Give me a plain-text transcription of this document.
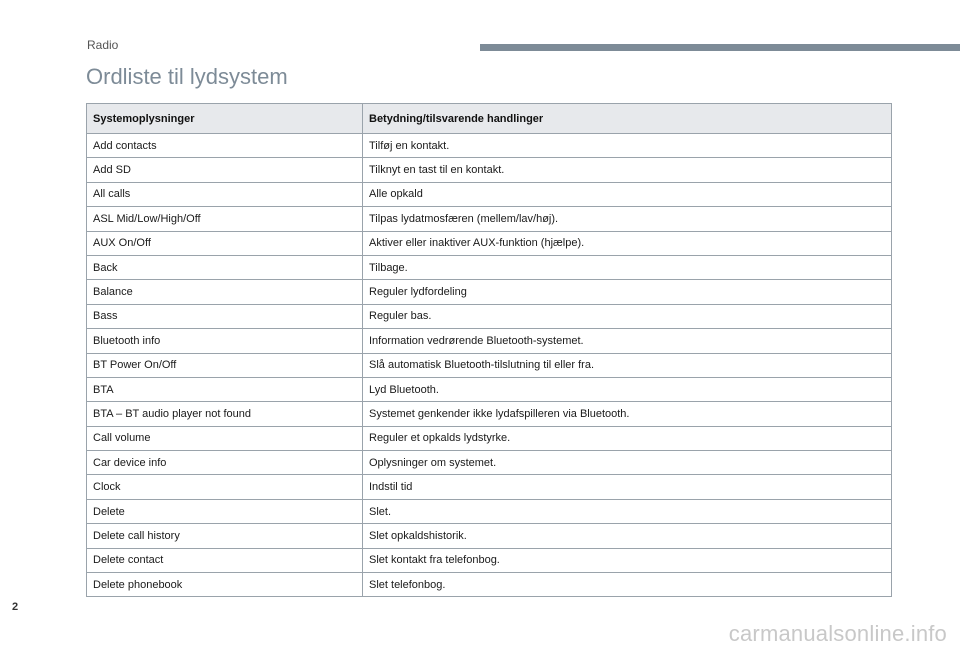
Radio
Ordliste til lydsystem
Systemoplysninger	Betydning/tilsvarende handlinger
Add contacts	Tilføj en kontakt.
Add SD	Tilknyt en tast til en kontakt.
All calls	Alle opkald
ASL Mid/Low/High/Off	Tilpas lydatmosfæren (mellem/lav/høj).
AUX On/Off	Aktiver eller inaktiver AUX-funktion (hjælpe).
Back	Tilbage.
Balance	Reguler lydfordeling
Bass	Reguler bas.
Bluetooth info	Information vedrørende Bluetooth-systemet.
BT Power On/Off	Slå automatisk Bluetooth-tilslutning til eller fra.
BTA	Lyd Bluetooth.
BTA – BT audio player not found	Systemet genkender ikke lydafspilleren via Bluetooth.
Call volume	Reguler et opkalds lydstyrke.
Car device info	Oplysninger om systemet.
Clock	Indstil tid
Delete	Slet.
Delete call history	Slet opkaldshistorik.
Delete contact	Slet kontakt fra telefonbog.
Delete phonebook	Slet telefonbog.
2
carmanualsonline.info
